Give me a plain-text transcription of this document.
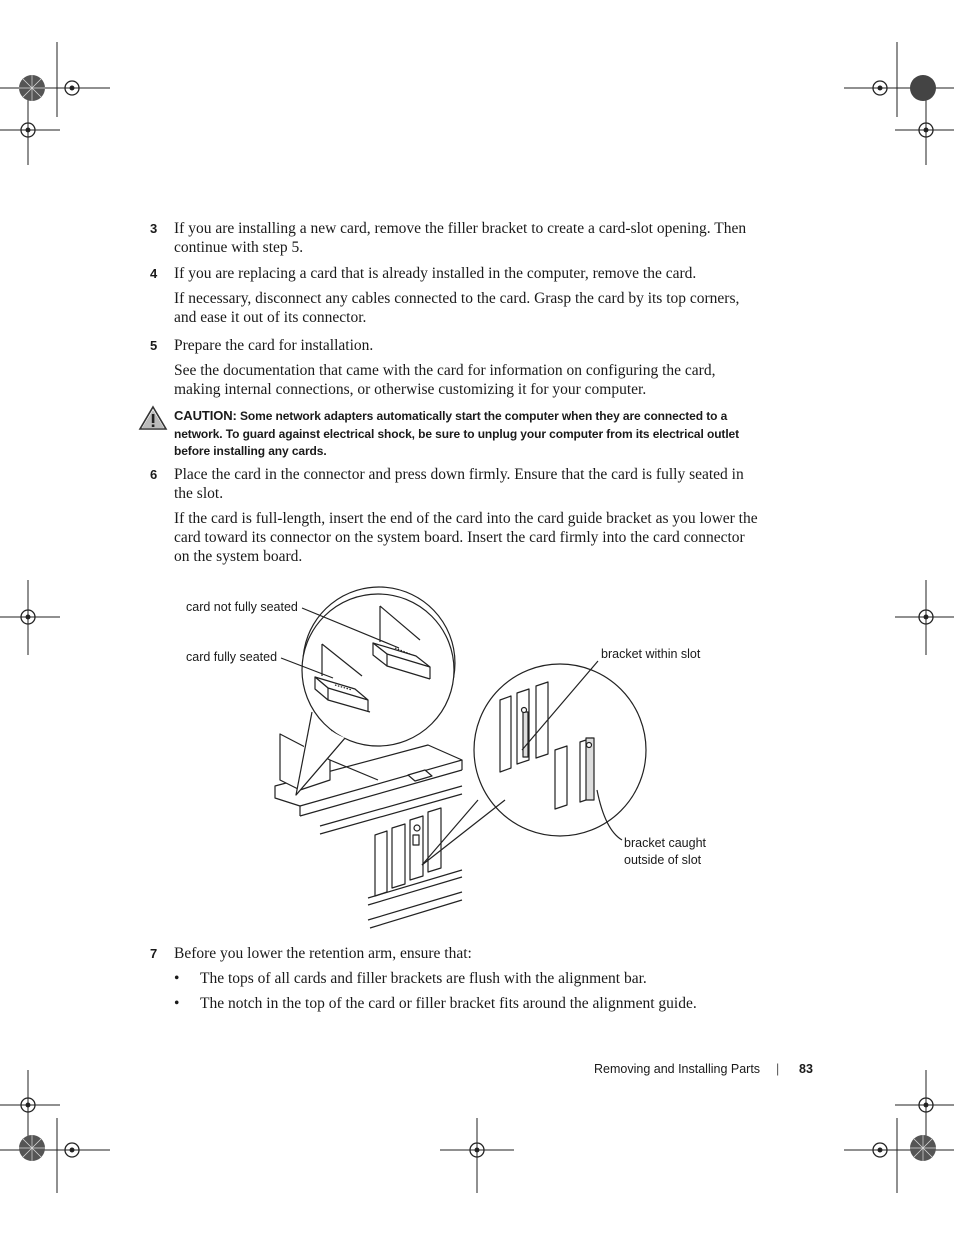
3 If you are installing a new card, remove the filler bracket to create a card-slot opening. Then continue with step 5.
4 If you are replacing a card that is already installed in the computer, remove the card.
If necessary, disconnect any cables connected to the card. Grasp the card by its top corners, and ease it out of its connector.
5 Prepare the card for installation.
See the documentation that came with the card for information on configuring the card, making internal connections, or otherwise customizing it for your computer.
CAUTION: Some network adapters automatically start the computer when they are connected to a network. To guard against electrical shock, be sure to unplug your computer from its electrical outlet before installing any cards.
6 Place the card in the connector and press down firmly. Ensure that the card is fully seated in the slot.
If the card is full-length, insert the end of the card into the card guide bracket as you lower the card toward its connector on the system board. Insert the card firmly into the card connector on the system board.
card not fully seated
card fully seated	bracket within slot
bracket caught
outside of slot
7 Before you lower the retention arm, ensure that:
• The tops of all cards and filler brackets are flush with the alignment bar.
• The notch in the top of the card or filler bracket fits around the alignment guide.
Removing and Installing Parts | 83
